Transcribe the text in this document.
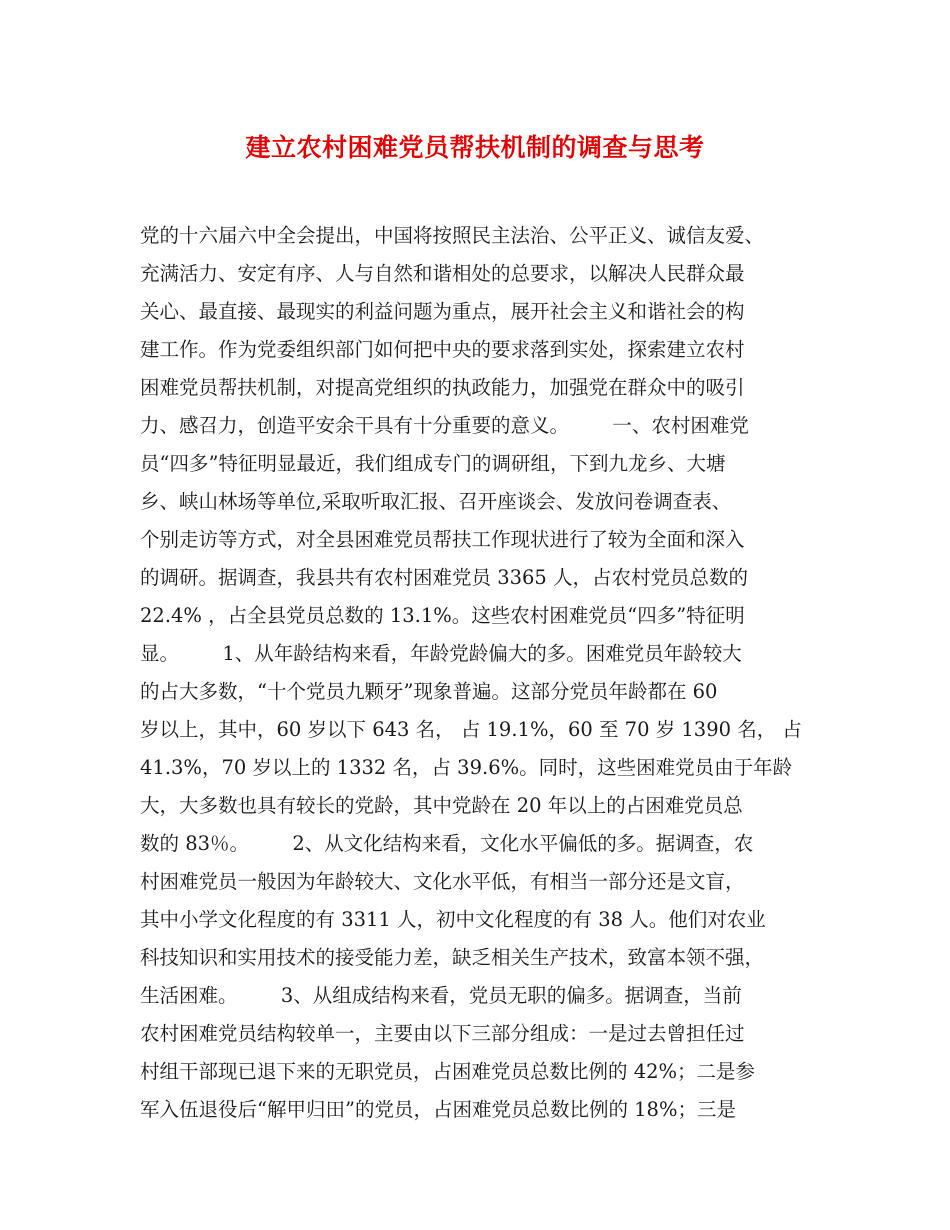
建立农村困难党员帮扶机制的调查与思考
党的十六届六中全会提出，中国将按照民主法治、公平正义、诚信友爱、
充满活力、安定有序、人与自然和谐相处的总要求，以解决人民群众最
关心、最直接、最现实的利益问题为重点，展开社会主义和谐社会的构
建工作。作为党委组织部门如何把中央的要求落到实处，探索建立农村
困难党员帮扶机制，对提高党组织的执政能力，加强党在群众中的吸引
力、感召力，创造平安余干具有十分重要的意义。       一、农村困难党
员“四多”特征明显最近，我们组成专门的调研组，下到九龙乡、大塘
乡、峡山林场等单位,采取听取汇报、召开座谈会、发放问卷调查表、
个别走访等方式，对全县困难党员帮扶工作现状进行了较为全面和深入
的调研。据调查，我县共有农村困难党员 3365 人，占农村党员总数的
22.4% ，占全县党员总数的 13.1%。这些农村困难党员“四多”特征明
显。       1、从年龄结构来看，年龄党龄偏大的多。困难党员年龄较大
的占大多数，“十个党员九颗牙”现象普遍。这部分党员年龄都在 60
岁以上，其中，60 岁以下 643 名， 占 19.1%，60 至 70 岁 1390 名， 占
41.3%，70 岁以上的 1332 名，占 39.6%。同时，这些困难党员由于年龄
大，大多数也具有较长的党龄，其中党龄在 20 年以上的占困难党员总
数的 83％。       2、从文化结构来看，文化水平偏低的多。据调查，农
村困难党员一般因为年龄较大、文化水平低，有相当一部分还是文盲，
其中小学文化程度的有 3311 人，初中文化程度的有 38 人。他们对农业
科技知识和实用技术的接受能力差，缺乏相关生产技术，致富本领不强，
生活困难。       3、从组成结构来看，党员无职的偏多。据调查，当前
农村困难党员结构较单一，主要由以下三部分组成：一是过去曾担任过
村组干部现已退下来的无职党员，占困难党员总数比例的 42%；二是参
军入伍退役后“解甲归田”的党员，占困难党员总数比例的 18%；三是
